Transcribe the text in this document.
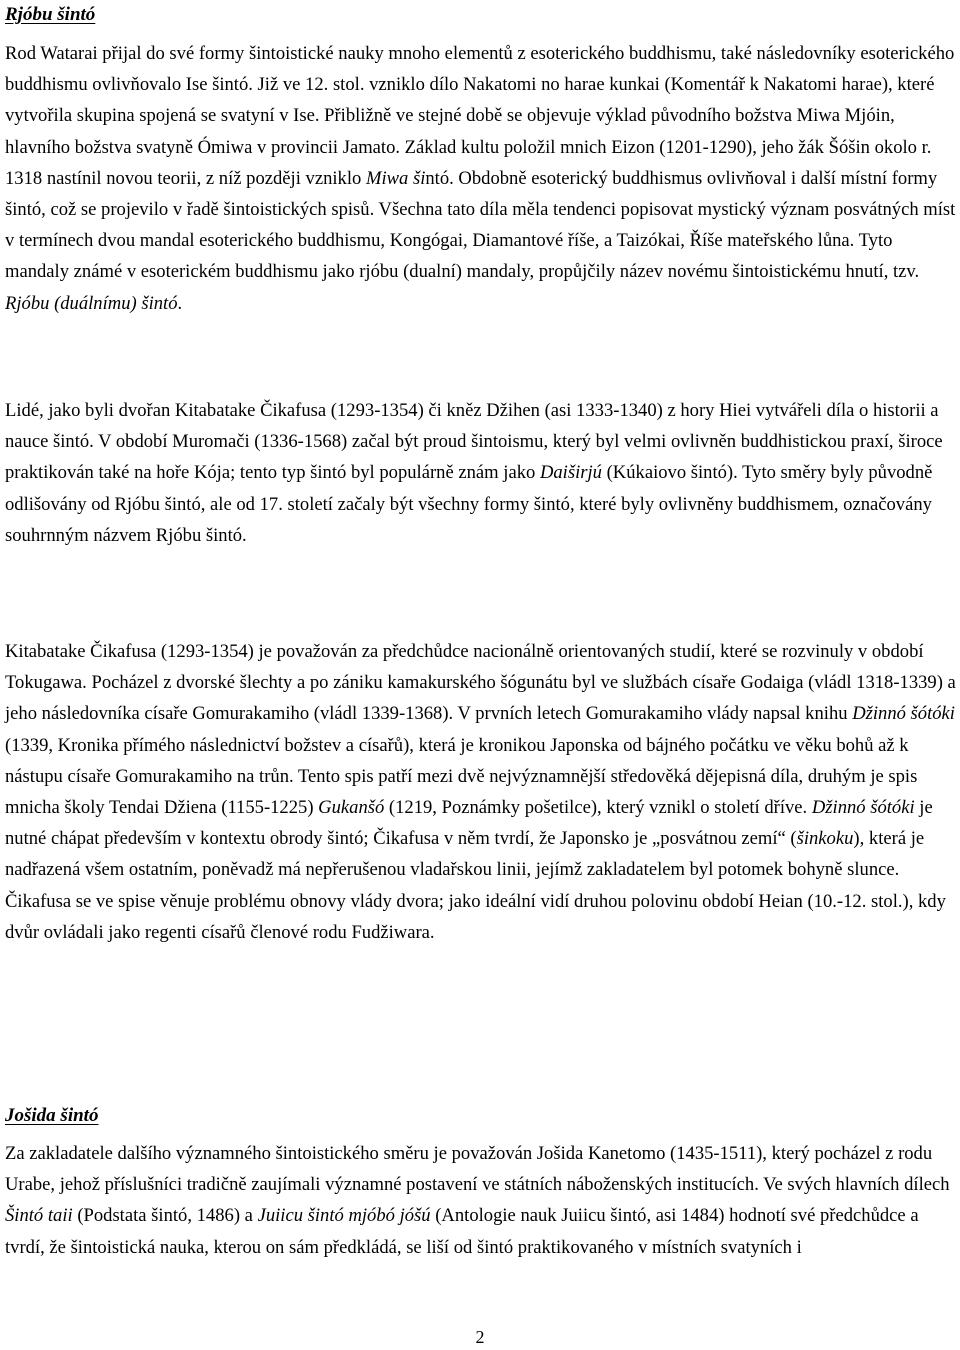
Rjóbu šintó

Rod Watarai přijal do své formy šintoistické nauky mnoho elementů z esoterického buddhismu, také následovníky esoterického buddhismu ovlivňovalo Ise šintó. Již ve 12. stol. vzniklo dílo Nakatomi no harae kunkai (Komentář k Nakatomi harae), které vytvořila skupina spojená se svatyní v Ise. Přibližně ve stejné době se objevuje výklad původního božstva Miwa Mjóin, hlavního božstva svatyně Ómiwa v provincii Jamato. Základ kultu položil mnich Eizon (1201-1290), jeho žák Šóšin okolo r. 1318 nastínil novou teorii, z níž později vzniklo Miwa šintó. Obdobně esoterický buddhismus ovlivňoval i další místní formy šintó, což se projevilo v řadě šintoistických spisů. Všechna tato díla měla tendenci popisovat mystický význam posvátných míst v termínech dvou mandal esoterického buddhismu, Kongógai, Diamantové říše, a Taizókai, Říše mateřského lůna. Tyto mandaly známé v esoterickém buddhismu jako rjóbu (dualní) mandaly, propůjčily název novému šintoistickému hnutí, tzv. Rjóbu (duálnímu) šintó.

Lidé, jako byli dvořan Kitabatake Čikafusa (1293-1354) či kněz Džihen (asi 1333-1340) z hory Hiei vytvářeli díla o historii a nauce šintó. V období Muromači (1336-1568) začal být proud šintoismu, který byl velmi ovlivněn buddhistickou praxí, široce praktikován také na hoře Kója; tento typ šintó byl populárně znám jako Daiširjú (Kúkaiovo šintó). Tyto směry byly původně odlišovány od Rjóbu šintó, ale od 17. století začaly být všechny formy šintó, které byly ovlivněny buddhismem, označovány souhrnným názvem Rjóbu šintó.

Kitabatake Čikafusa (1293-1354) je považován za předchůdce nacionálně orientovaných studií, které se rozvinuly v období Tokugawa. Pocházel z dvorské šlechty a po zániku kamakurského šógunátu byl ve službách císaře Godaiga (vládl 1318-1339) a jeho následovníka císaře Gomurakamiho (vládl 1339-1368). V prvních letech Gomurakamiho vlády napsal knihu Džinnó šótóki (1339, Kronika přímého následnictví božstev a císařů), která je kronikou Japonska od bájného počátku ve věku bohů až k nástupu císaře Gomurakamiho na trůn. Tento spis patří mezi dvě nejvýznamnější středověká dějepisná díla, druhým je spis mnicha školy Tendai Džiena (1155-1225) Gukanšó (1219, Poznámky pošetilce), který vznikl o století dříve. Džinnó šótóki je nutné chápat především v kontextu obrody šintó; Čikafusa v něm tvrdí, že Japonsko je „posvátnou zemí“ (šinkoku), která je nadřazená všem ostatním, poněvadž má nepřerušenou vladařskou linii, jejímž zakladatelem byl potomek bohyně slunce. Čikafusa se ve spise věnuje problému obnovy vlády dvora; jako ideální vidí druhou polovinu období Heian (10.-12. stol.), kdy dvůr ovládali jako regenti císařů členové rodu Fudžiwara.

Jošida šintó

Za zakladatele dalšího významného šintoistického směru je považován Jošida Kanetomo (1435-1511), který pocházel z rodu Urabe, jehož příslušníci tradičně zaujímali významné postavení ve státních náboženských institucích. Ve svých hlavních dílech Šintó taii (Podstata šintó, 1486) a Juiicu šintó mjóbó jóšú (Antologie nauk Juiicu šintó, asi 1484) hodnotí své předchůdce a tvrdí, že šintoistická nauka, kterou on sám předkládá, se liší od šintó praktikovaného v místních svatyních i

2
